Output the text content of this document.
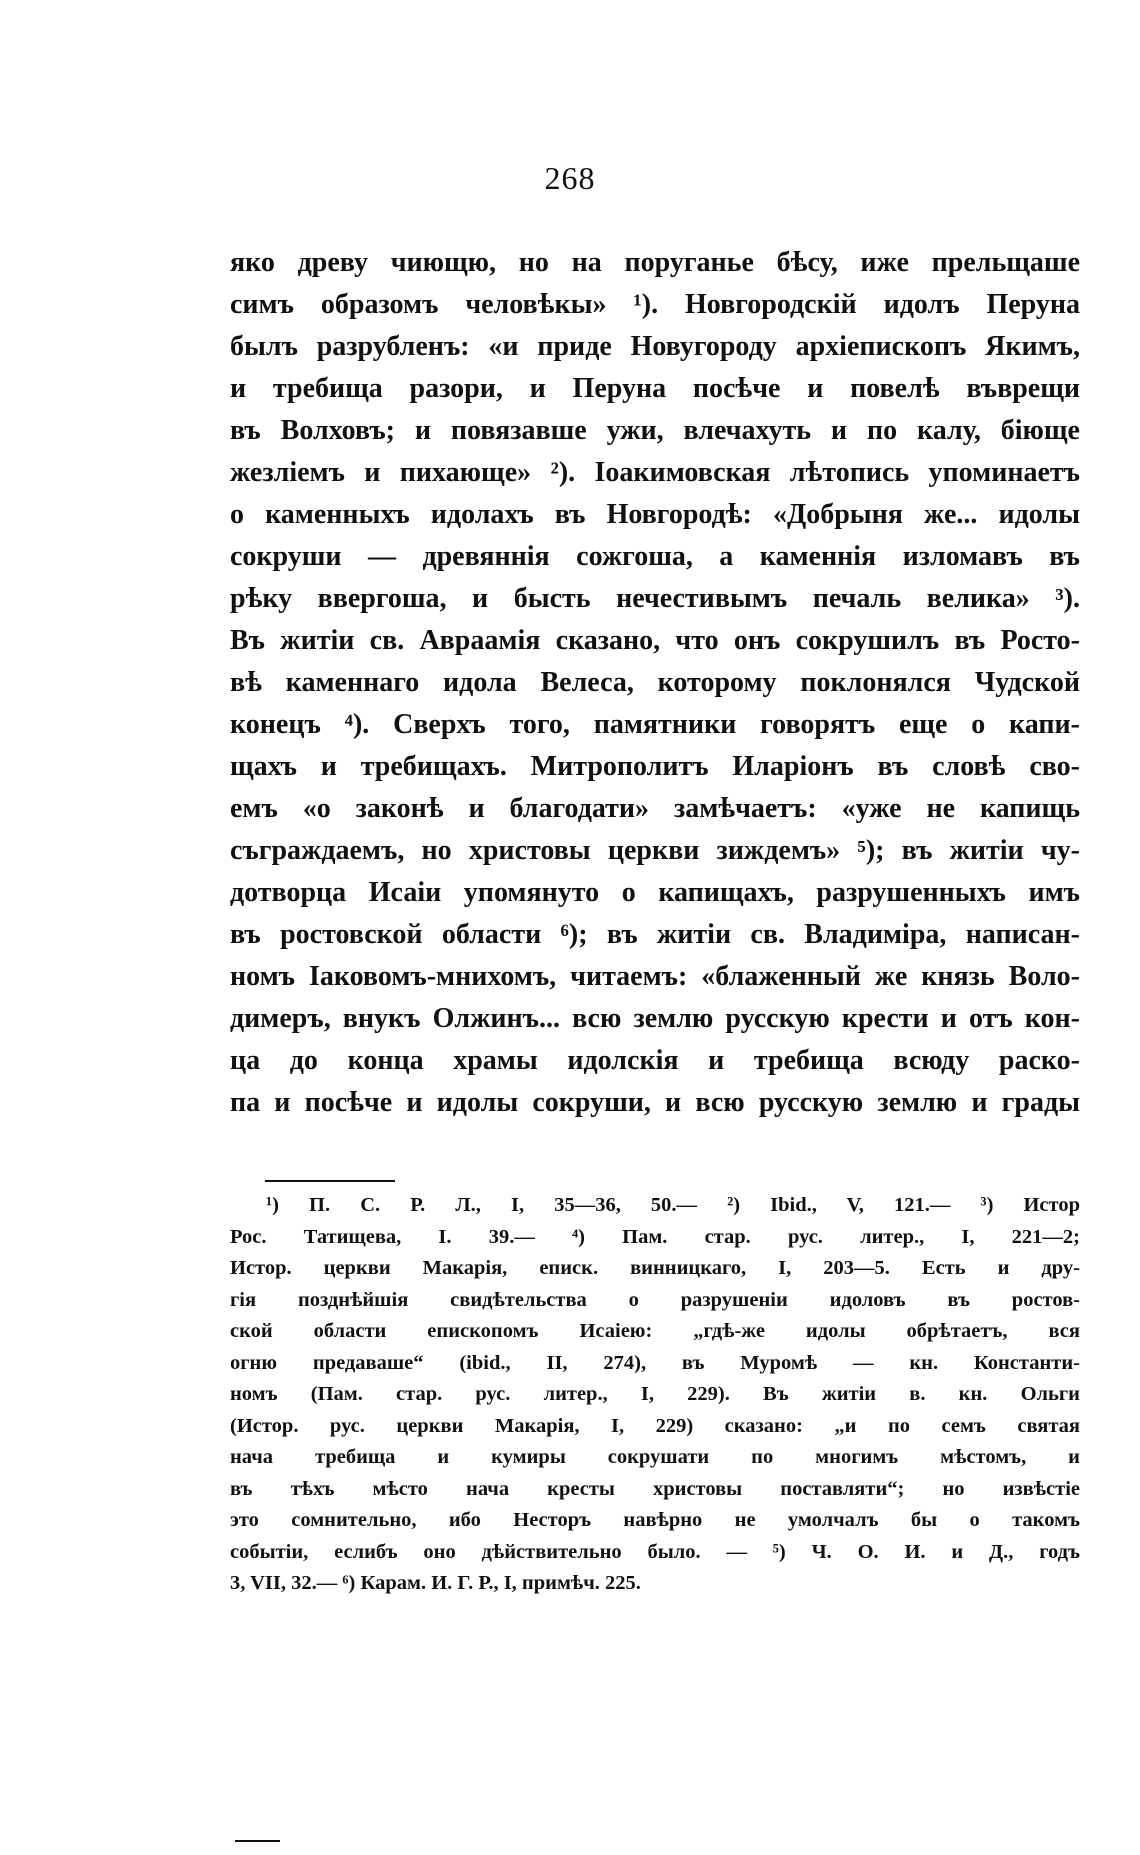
268
яко древу чиющю, но на поруганье бѣсу, иже прельщаше
симъ образомъ человѣкы» ¹). Новгородскій идолъ Перуна
былъ разрубленъ: «и приде Новугороду архіепископъ Якимъ,
и требища разори, и Перуна посѣче и повелѣ въврещи
въ Волховъ; и повязавше ужи, влечахуть и по калу, біюще
жезліемъ и пихающе» ²). Іоакимовская лѣтопись упоминаетъ
о каменныхъ идолахъ въ Новгородѣ: «Добрыня же... идолы
сокруши — древяннія сожгоша, а каменнія изломавъ въ
рѣку ввергоша, и бысть нечестивымъ печаль велика» ³).
Въ житіи св. Авраамія сказано, что онъ сокрушилъ въ Росто-
вѣ каменнаго идола Велеса, которому поклонялся Чудской
конецъ ⁴). Сверхъ того, памятники говорятъ еще о капи-
щахъ и требищахъ. Митрополитъ Иларіонъ въ словѣ сво-
емъ «о законѣ и благодати» замѣчаетъ: «уже не капищь
съграждаемъ, но христовы церкви зиждемъ» ⁵); въ житіи чу-
дотворца Исаіи упомянуто о капищахъ, разрушенныхъ имъ
въ ростовской области ⁶); въ житіи св. Владиміра, написан-
номъ Іаковомъ-мнихомъ, читаемъ: «блаженный же князь Воло-
димеръ, внукъ Олжинъ... всю землю русскую крести и отъ кон-
ца до конца храмы идолскія и требища всюду раско-
па и посѣче и идолы сокруши, и всю русскую землю и грады
¹) П. С. Р. Л., I, 35—36, 50.— ²) Ibid., V, 121.— ³) Истор
Рос. Татищева, I. 39.— ⁴) Пам. стар. рус. литер., I, 221—2;
Истор. церкви Макарія, еписк. винницкаго, I, 203—5. Есть и дру-
гія позднѣйшія свидѣтельства о разрушеніи идоловъ въ ростов-
ской области епископомъ Исаіею: „гдѣ-же идолы обрѣтаетъ, вся
огню предаваше“ (ibid., II, 274), въ Муромѣ — кн. Константи-
номъ (Пам. стар. рус. литер., I, 229). Въ житіи в. кн. Ольги
(Истор. рус. церкви Макарія, I, 229) сказано: „и по семъ святая
нача требища и кумиры сокрушати по многимъ мѣстомъ, и
въ тѣхъ мѣсто нача кресты христовы поставляти“; но извѣстіе
это сомнительно, ибо Несторъ навѣрно не умолчалъ бы о такомъ
событіи, еслибъ оно дѣйствительно было. — ⁵) Ч. О. И. и Д., годъ
3, VII, 32.— ⁶) Карам. И. Г. Р., I, примѣч. 225.
